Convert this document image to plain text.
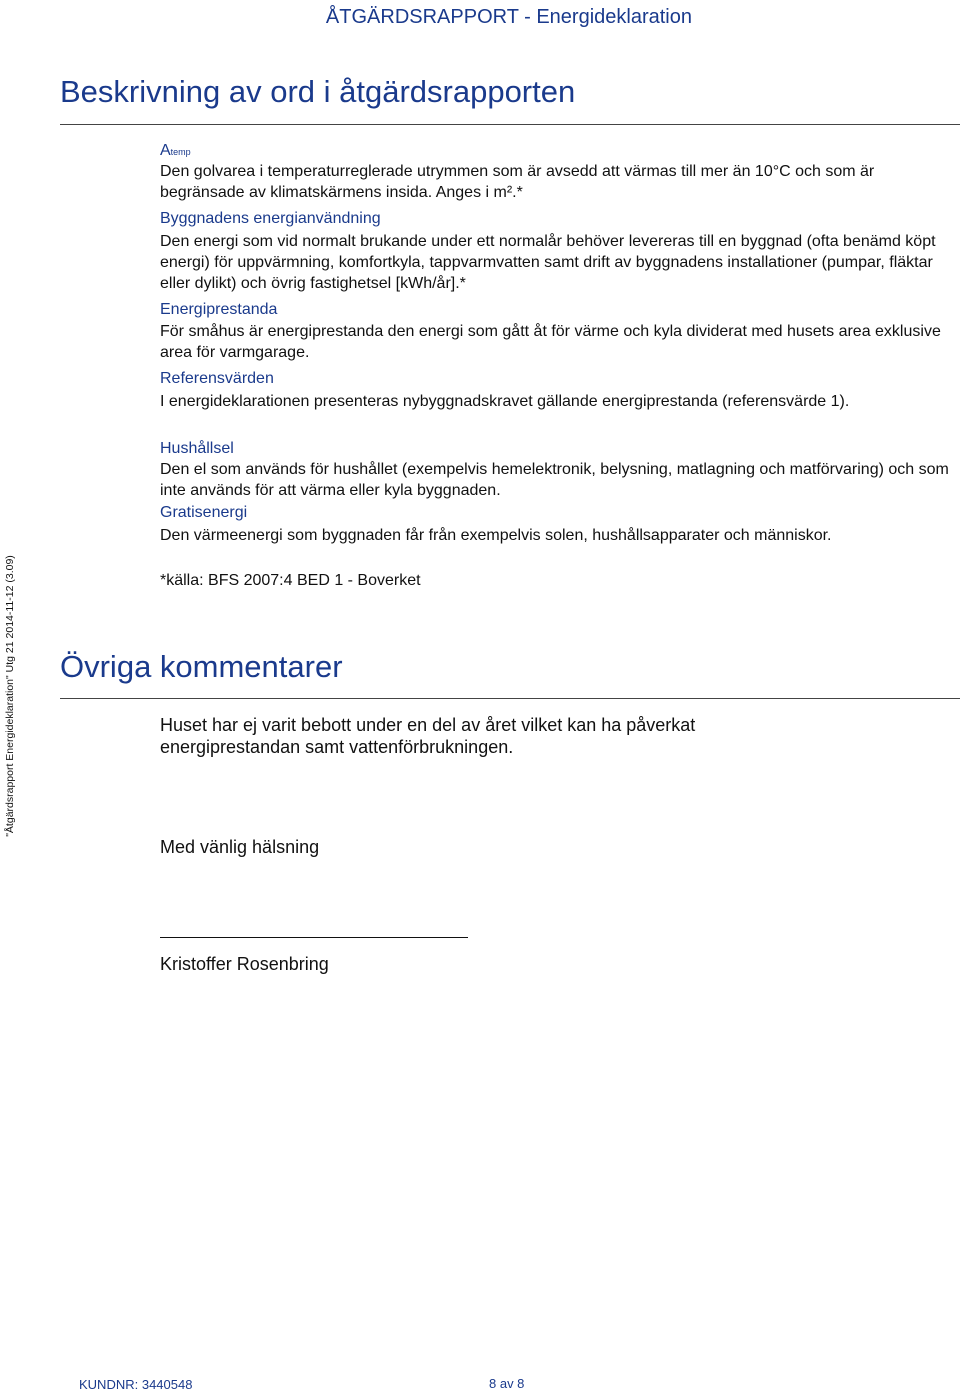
ÅTGÄRDSRAPPORT - Energideklaration
Beskrivning av ord i åtgärdsrapporten
Atemp
Den golvarea i temperaturreglerade utrymmen som är avsedd att värmas till mer än 10°C och som är begränsade av klimatskärmens insida. Anges i m².*
Byggnadens energianvändning
Den energi som vid normalt brukande under ett normalår behöver levereras till en byggnad (ofta benämd köpt energi) för uppvärmning, komfortkyla, tappvarmvatten samt drift av byggnadens installationer (pumpar, fläktar eller dylikt) och övrig fastighetsel [kWh/år].*
Energiprestanda
För småhus är energiprestanda den energi som gått åt för värme och kyla dividerat med husets area exklusive area för varmgarage.
Referensvärden
I energideklarationen presenteras nybyggnadskravet gällande energiprestanda (referensvärde 1).
Hushållsel
Den el som används för hushållet (exempelvis hemelektronik, belysning, matlagning och matförvaring) och som inte används för att värma eller kyla byggnaden.
Gratisenergi
Den värmeenergi som byggnaden får från exempelvis solen, hushållsapparater och människor.
*källa: BFS 2007:4 BED 1 - Boverket
Övriga kommentarer
Huset har ej varit bebott under en del av året vilket kan ha påverkat energiprestandan samt vattenförbrukningen.
Med vänlig hälsning
Kristoffer Rosenbring
"Åtgärdsrapport Energideklaration" Utg 21 2014-11-12 (3.09)
KUNDNR: 3440548	8 av 8
